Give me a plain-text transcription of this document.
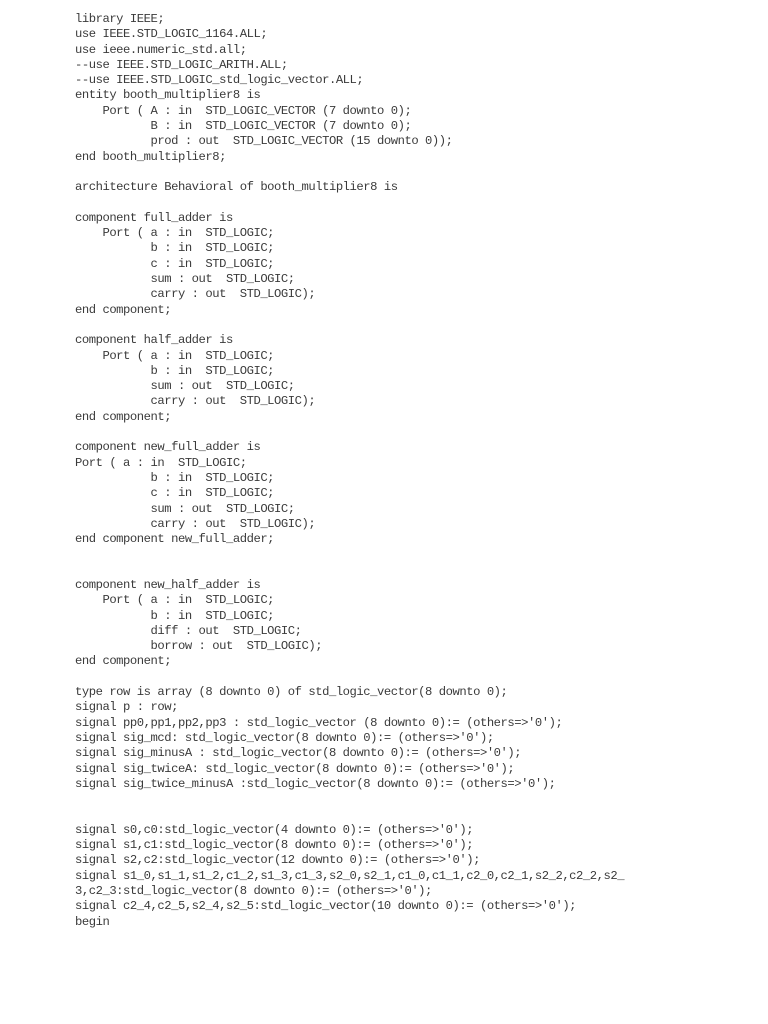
library IEEE;
use IEEE.STD_LOGIC_1164.ALL;
use ieee.numeric_std.all;
--use IEEE.STD_LOGIC_ARITH.ALL;
--use IEEE.STD_LOGIC_std_logic_vector.ALL;
entity booth_multiplier8 is
Port ( A : in  STD_LOGIC_VECTOR (7 downto 0);
B : in  STD_LOGIC_VECTOR (7 downto 0);
prod : out  STD_LOGIC_VECTOR (15 downto 0));
end booth_multiplier8;
architecture Behavioral of booth_multiplier8 is
component full_adder is
Port ( a : in  STD_LOGIC;
b : in  STD_LOGIC;
c : in  STD_LOGIC;
sum : out  STD_LOGIC;
carry : out  STD_LOGIC);
end component;
component half_adder is
Port ( a : in  STD_LOGIC;
b : in  STD_LOGIC;
sum : out  STD_LOGIC;
carry : out  STD_LOGIC);
end component;
component new_full_adder is
Port ( a : in  STD_LOGIC;
b : in  STD_LOGIC;
c : in  STD_LOGIC;
sum : out  STD_LOGIC;
carry : out  STD_LOGIC);
end component new_full_adder;
component new_half_adder is
Port ( a : in  STD_LOGIC;
b : in  STD_LOGIC;
diff : out  STD_LOGIC;
borrow : out  STD_LOGIC);
end component;
type row is array (8 downto 0) of std_logic_vector(8 downto 0);
signal p : row;
signal pp0,pp1,pp2,pp3 : std_logic_vector (8 downto 0):= (others=>'0');
signal sig_mcd: std_logic_vector(8 downto 0):= (others=>'0');
signal sig_minusA : std_logic_vector(8 downto 0):= (others=>'0');
signal sig_twiceA: std_logic_vector(8 downto 0):= (others=>'0');
signal sig_twice_minusA :std_logic_vector(8 downto 0):= (others=>'0');
signal s0,c0:std_logic_vector(4 downto 0):= (others=>'0');
signal s1,c1:std_logic_vector(8 downto 0):= (others=>'0');
signal s2,c2:std_logic_vector(12 downto 0):= (others=>'0');
signal s1_0,s1_1,s1_2,c1_2,s1_3,c1_3,s2_0,s2_1,c1_0,c1_1,c2_0,c2_1,s2_2,c2_2,s2_
3,c2_3:std_logic_vector(8 downto 0):= (others=>'0');
signal c2_4,c2_5,s2_4,s2_5:std_logic_vector(10 downto 0):= (others=>'0');
begin
